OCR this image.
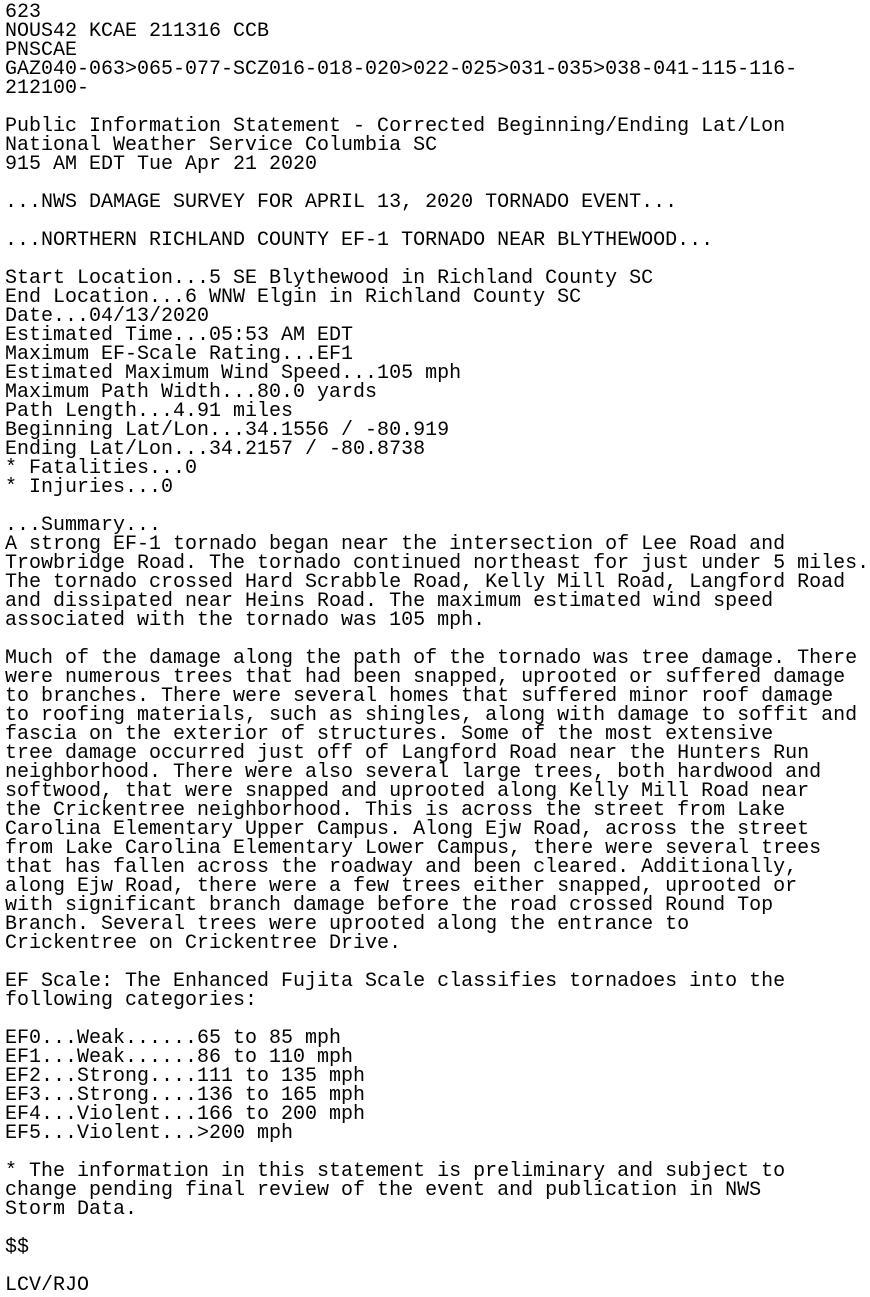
623
NOUS42 KCAE 211316 CCB
PNSCAE
GAZ040-063>065-077-SCZ016-018-020>022-025>031-035>038-041-115-116-
212100-

Public Information Statement - Corrected Beginning/Ending Lat/Lon
National Weather Service Columbia SC
915 AM EDT Tue Apr 21 2020

...NWS DAMAGE SURVEY FOR APRIL 13, 2020 TORNADO EVENT...

...NORTHERN RICHLAND COUNTY EF-1 TORNADO NEAR BLYTHEWOOD...

Start Location...5 SE Blythewood in Richland County SC
End Location...6 WNW Elgin in Richland County SC
Date...04/13/2020
Estimated Time...05:53 AM EDT
Maximum EF-Scale Rating...EF1
Estimated Maximum Wind Speed...105 mph
Maximum Path Width...80.0 yards
Path Length...4.91 miles
Beginning Lat/Lon...34.1556 / -80.919
Ending Lat/Lon...34.2157 / -80.8738
* Fatalities...0
* Injuries...0

...Summary...
A strong EF-1 tornado began near the intersection of Lee Road and
Trowbridge Road. The tornado continued northeast for just under 5 miles.
The tornado crossed Hard Scrabble Road, Kelly Mill Road, Langford Road
and dissipated near Heins Road. The maximum estimated wind speed
associated with the tornado was 105 mph.

Much of the damage along the path of the tornado was tree damage. There
were numerous trees that had been snapped, uprooted or suffered damage
to branches. There were several homes that suffered minor roof damage
to roofing materials, such as shingles, along with damage to soffit and
fascia on the exterior of structures. Some of the most extensive
tree damage occurred just off of Langford Road near the Hunters Run
neighborhood. There were also several large trees, both hardwood and
softwood, that were snapped and uprooted along Kelly Mill Road near
the Crickentree neighborhood. This is across the street from Lake
Carolina Elementary Upper Campus. Along Ejw Road, across the street
from Lake Carolina Elementary Lower Campus, there were several trees
that has fallen across the roadway and been cleared. Additionally,
along Ejw Road, there were a few trees either snapped, uprooted or
with significant branch damage before the road crossed Round Top
Branch. Several trees were uprooted along the entrance to
Crickentree on Crickentree Drive.

EF Scale: The Enhanced Fujita Scale classifies tornadoes into the
following categories:

EF0...Weak......65 to 85 mph
EF1...Weak......86 to 110 mph
EF2...Strong....111 to 135 mph
EF3...Strong....136 to 165 mph
EF4...Violent...166 to 200 mph
EF5...Violent...>200 mph

* The information in this statement is preliminary and subject to
change pending final review of the event and publication in NWS
Storm Data.

$$

LCV/RJO
